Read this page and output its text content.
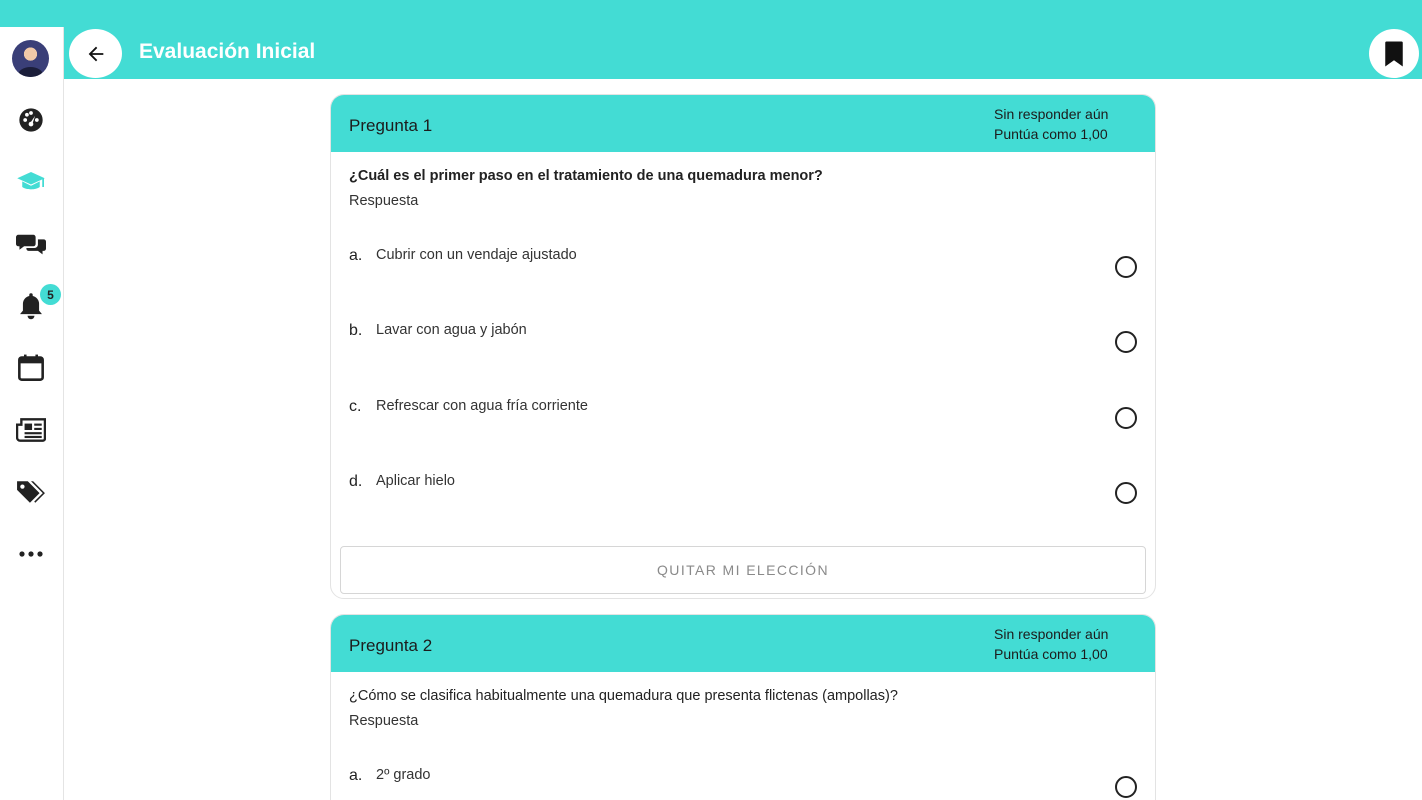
5
Evaluación Inicial
Pregunta 1
Sin responder aún
Puntúa como 1,00
¿Cuál es el primer paso en el tratamiento de una quemadura menor?
Respuesta
a. Cubrir con un vendaje ajustado
b. Lavar con agua y jabón
c. Refrescar con agua fría corriente
d. Aplicar hielo
QUITAR MI ELECCIÓN
Pregunta 2
Sin responder aún
Puntúa como 1,00
¿Cómo se clasifica habitualmente una quemadura que presenta flictenas (ampollas)?
Respuesta
a. 2º grado
